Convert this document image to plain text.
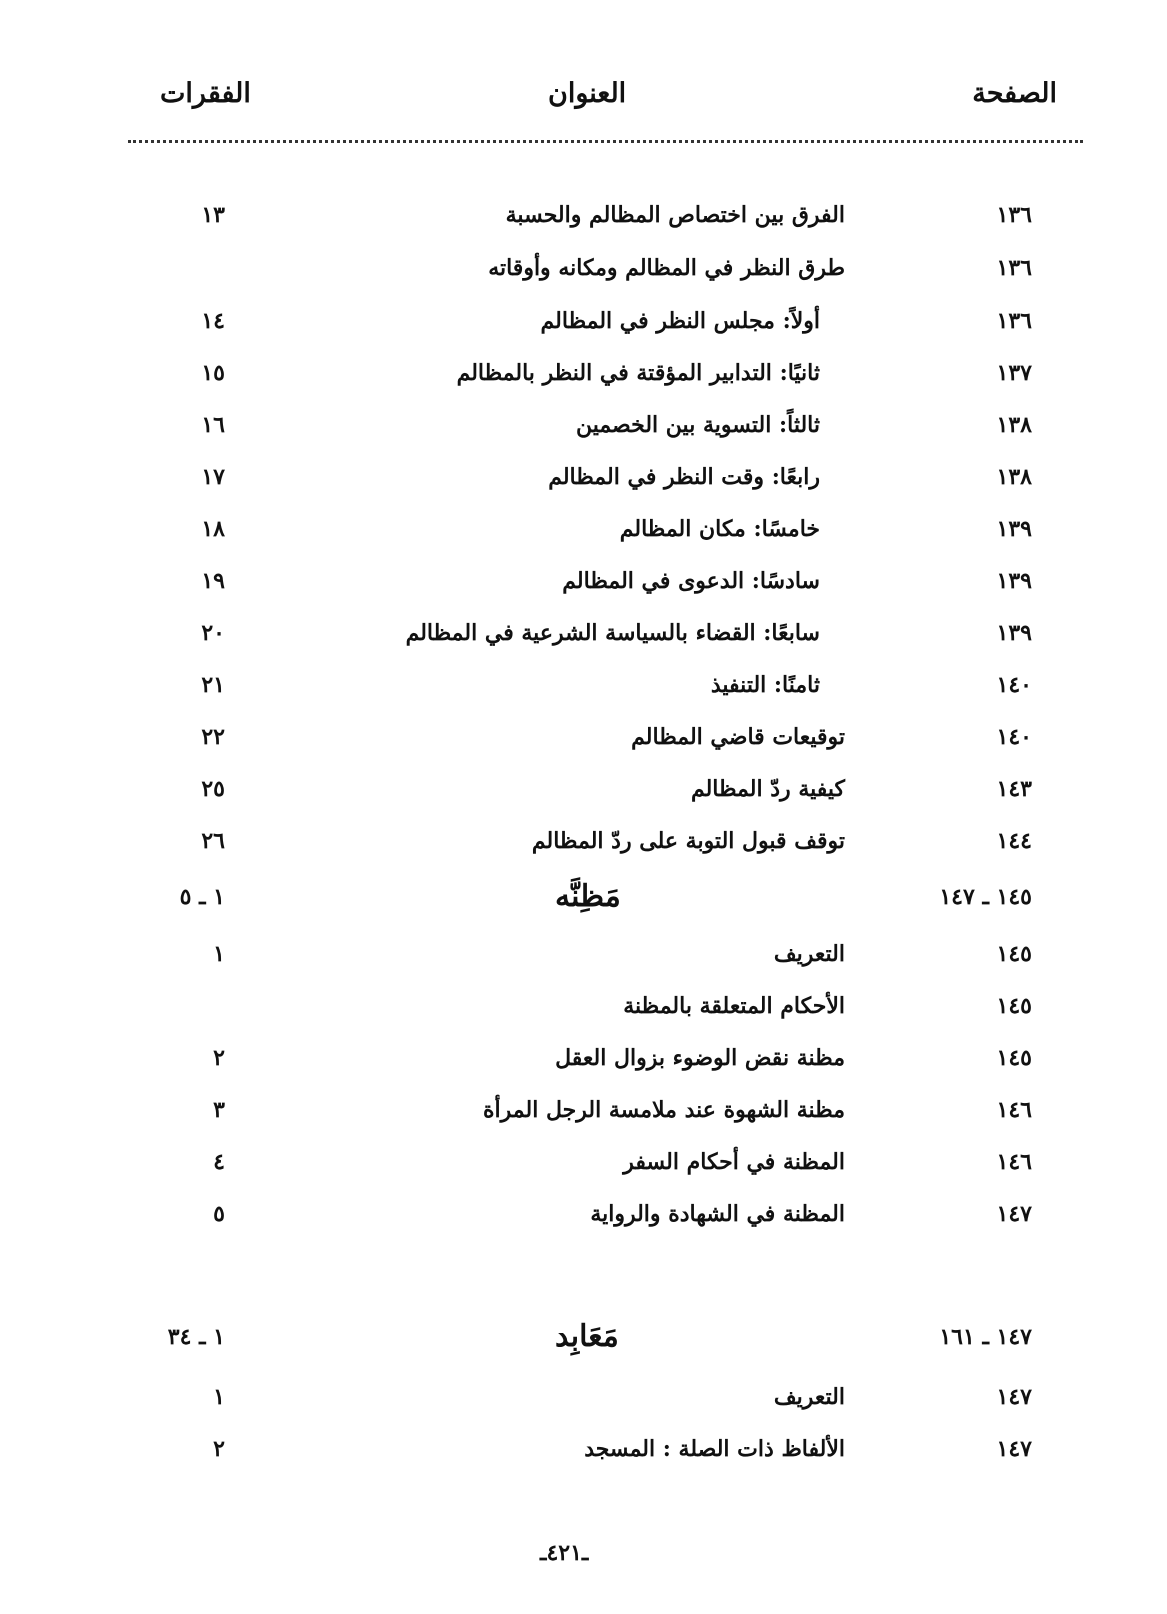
الصفحة
العنوان
الفقرات
١٣٦
الفرق بين اختصاص المظالم والحسبة
١٣
١٣٦
طرق النظر في المظالم ومكانه وأوقاته
١٣٦
أولاً: مجلس النظر في المظالم
١٤
١٣٧
ثانيًا: التدابير المؤقتة في النظر بالمظالم
١٥
١٣٨
ثالثاً: التسوية بين الخصمين
١٦
١٣٨
رابعًا: وقت النظر في المظالم
١٧
١٣٩
خامسًا: مكان المظالم
١٨
١٣٩
سادسًا: الدعوى في المظالم
١٩
١٣٩
سابعًا: القضاء بالسياسة الشرعية في المظالم
٢٠
١٤٠
ثامنًا: التنفيذ
٢١
١٤٠
توقيعات قاضي المظالم
٢٢
١٤٣
كيفية ردّ المظالم
٢٥
١٤٤
توقف قبول التوبة على ردّ المظالم
٢٦
١٤٥ ـ ١٤٧
مَظِنَّه
١ ـ ٥
١٤٥
التعريف
١
١٤٥
الأحكام المتعلقة بالمظنة
١٤٥
مظنة نقض الوضوء بزوال العقل
٢
١٤٦
مظنة الشهوة عند ملامسة الرجل المرأة
٣
١٤٦
المظنة في أحكام السفر
٤
١٤٧
المظنة في الشهادة والرواية
٥
١٤٧ ـ ١٦١
مَعَابِد
١ ـ ٣٤
١٤٧
التعريف
١
١٤٧
الألفاظ ذات الصلة : المسجد
٢
ـ٤٢١ـ
